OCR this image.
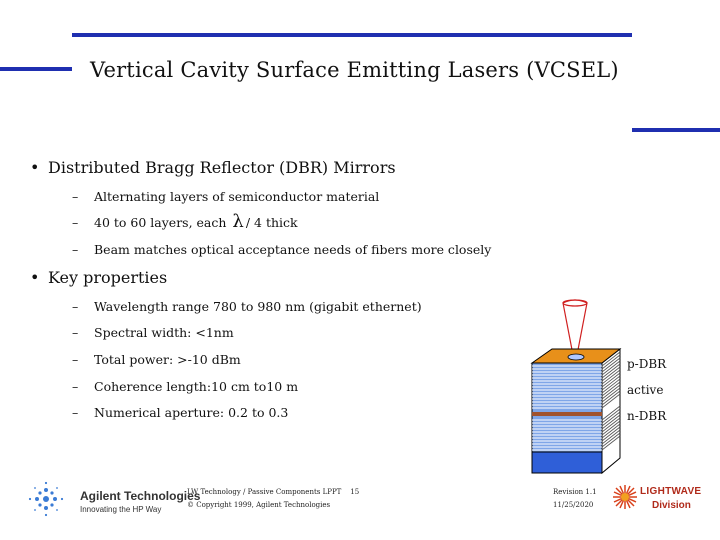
Vertical Cavity Surface Emitting Lasers (VCSEL)
• Distributed Bragg Reflector (DBR) Mirrors
– Alternating layers of semiconductor material
– 40 to 60 layers, each λ / 4 thick
– Beam matches optical acceptance needs of fibers more closely
• Key properties
– Wavelength range 780 to 980 nm (gigabit ethernet)
– Spectral width: <1nm
– Total power: >-10 dBm
– Coherence length:10 cm to10 m
– Numerical aperture: 0.2 to 0.3
p-DBR
active
n-DBR
Agilent Technologies
Innovating the HP Way
LW Technology / Passive Components LPPT 15
© Copyright 1999, Agilent Technologies
Revision 1.1
11/25/2020
LIGHTWAVE
Division
